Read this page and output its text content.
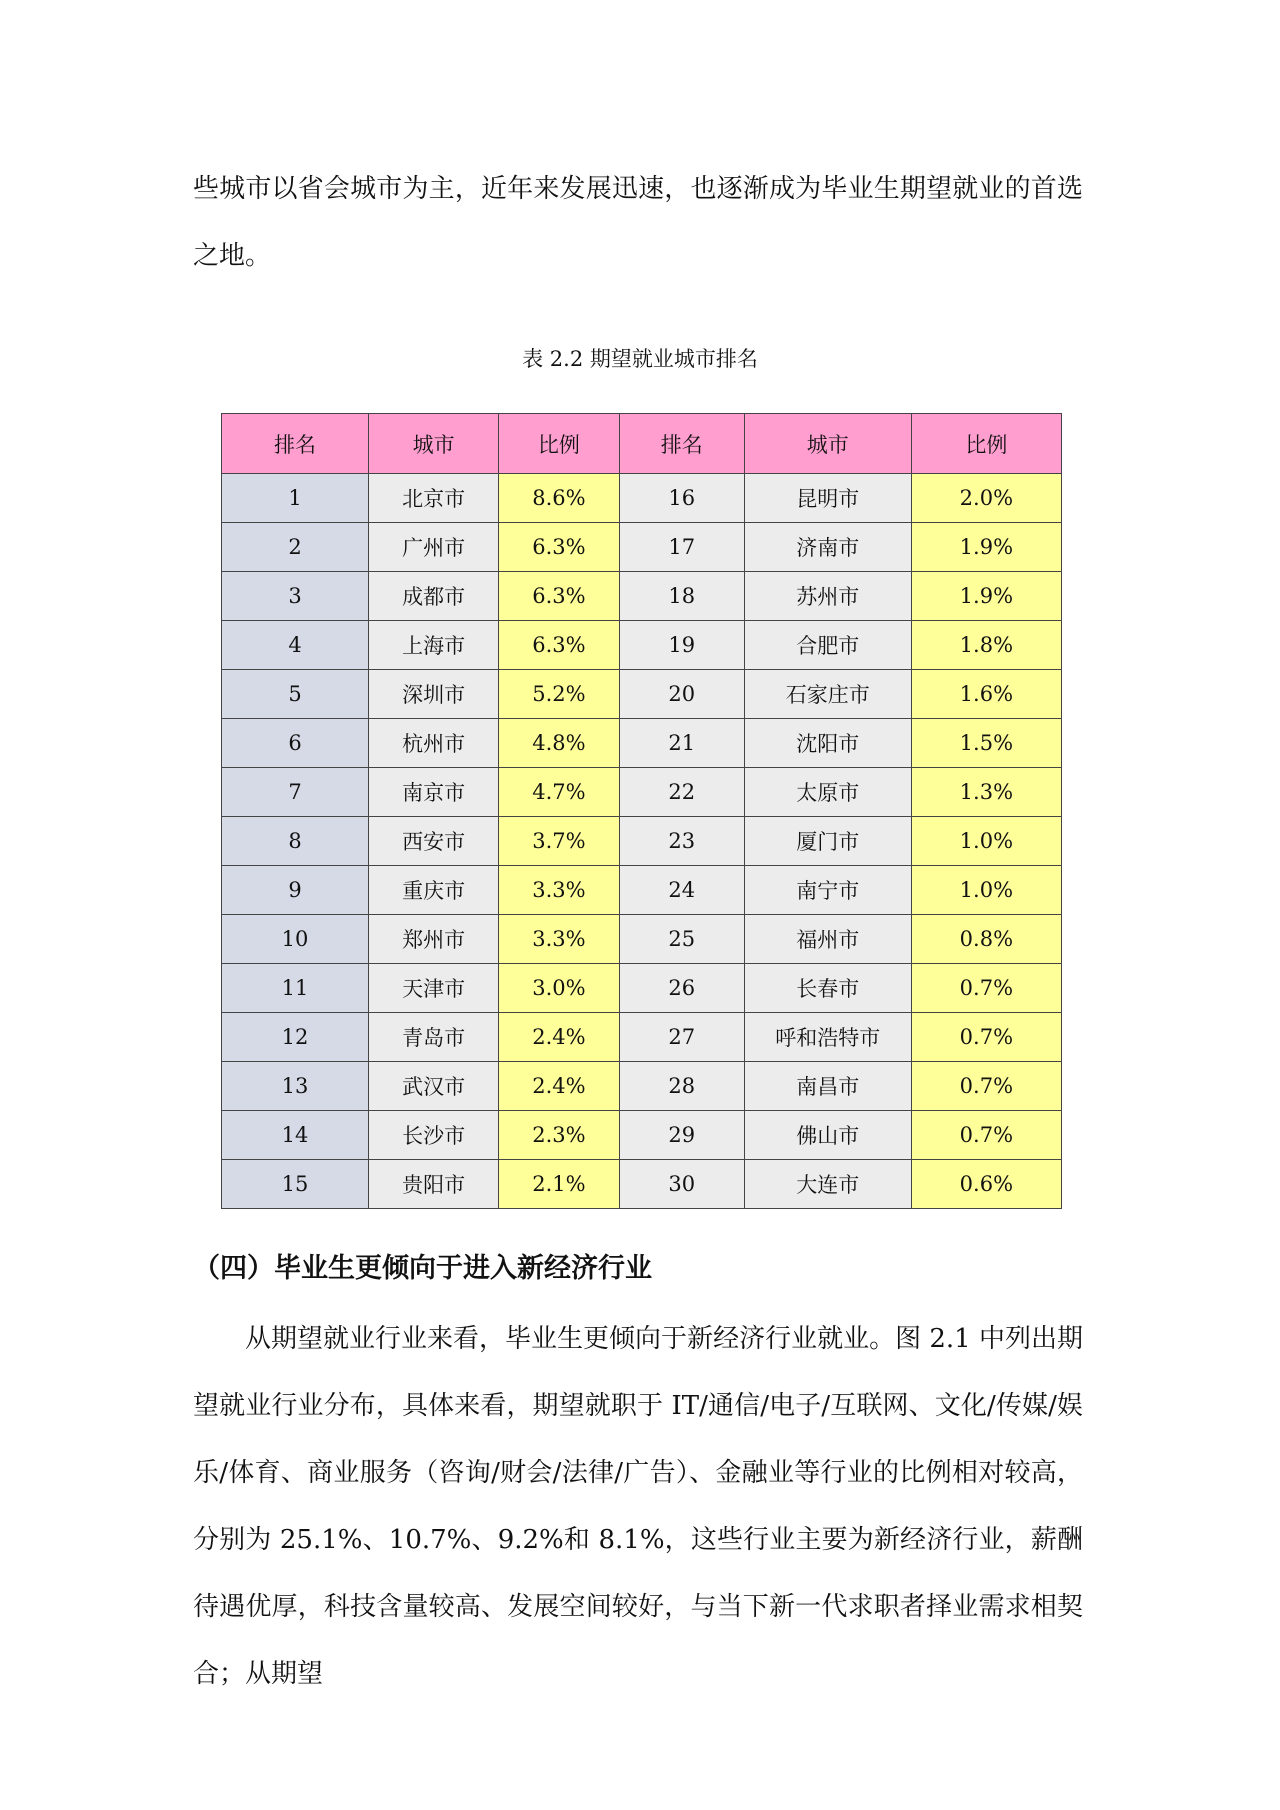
些城市以省会城市为主，近年来发展迅速，也逐渐成为毕业生期望就业的首选之地。

表 2.2 期望就业城市排名

排名	城市	比例	排名	城市	比例
1	北京市	8.6%	16	昆明市	2.0%
2	广州市	6.3%	17	济南市	1.9%
3	成都市	6.3%	18	苏州市	1.9%
4	上海市	6.3%	19	合肥市	1.8%
5	深圳市	5.2%	20	石家庄市	1.6%
6	杭州市	4.8%	21	沈阳市	1.5%
7	南京市	4.7%	22	太原市	1.3%
8	西安市	3.7%	23	厦门市	1.0%
9	重庆市	3.3%	24	南宁市	1.0%
10	郑州市	3.3%	25	福州市	0.8%
11	天津市	3.0%	26	长春市	0.7%
12	青岛市	2.4%	27	呼和浩特市	0.7%
13	武汉市	2.4%	28	南昌市	0.7%
14	长沙市	2.3%	29	佛山市	0.7%
15	贵阳市	2.1%	30	大连市	0.6%
（四）毕业生更倾向于进入新经济行业

从期望就业行业来看，毕业生更倾向于新经济行业就业。图 2.1 中列出期望就业行业分布，具体来看，期望就职于 IT/通信/电子/互联网、文化/传媒/娱乐/体育、商业服务（咨询/财会/法律/广告）、金融业等行业的比例相对较高，分别为 25.1%、10.7%、9.2%和 8.1%，这些行业主要为新经济行业，薪酬待遇优厚，科技含量较高、发展空间较好，与当下新一代求职者择业需求相契合；从期望
